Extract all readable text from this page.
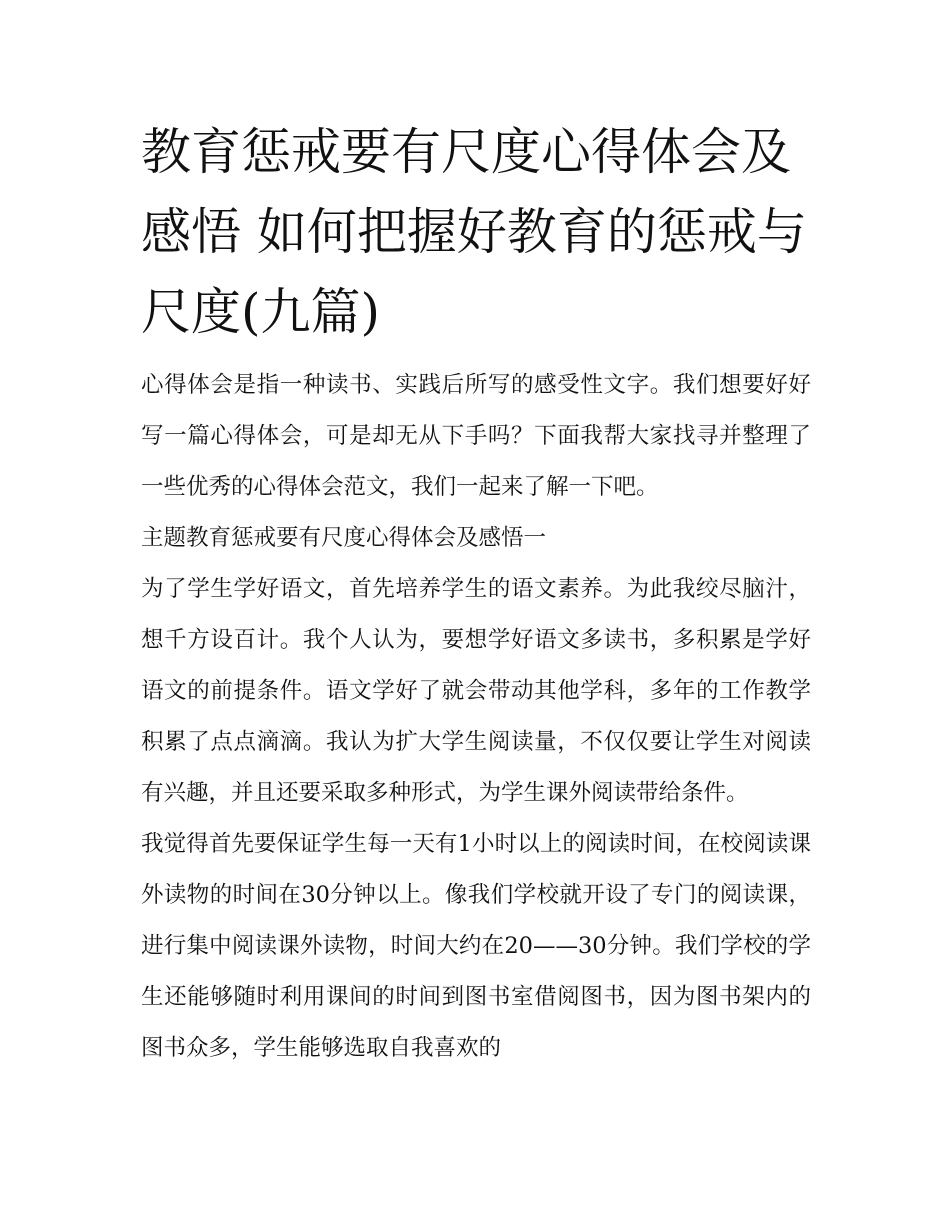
教育惩戒要有尺度心得体会及感悟 如何把握好教育的惩戒与尺度(九篇)

心得体会是指一种读书、实践后所写的感受性文字。我们想要好好写一篇心得体会，可是却无从下手吗？下面我帮大家找寻并整理了一些优秀的心得体会范文，我们一起来了解一下吧。

主题教育惩戒要有尺度心得体会及感悟一

为了学生学好语文，首先培养学生的语文素养。为此我绞尽脑汁，想千方设百计。我个人认为，要想学好语文多读书，多积累是学好语文的前提条件。语文学好了就会带动其他学科，多年的工作教学积累了点点滴滴。我认为扩大学生阅读量，不仅仅要让学生对阅读有兴趣，并且还要采取多种形式，为学生课外阅读带给条件。

我觉得首先要保证学生每一天有1小时以上的阅读时间，在校阅读课外读物的时间在30分钟以上。像我们学校就开设了专门的阅读课，进行集中阅读课外读物，时间大约在20——30分钟。我们学校的学生还能够随时利用课间的时间到图书室借阅图书，因为图书架内的图书众多，学生能够选取自我喜欢的
